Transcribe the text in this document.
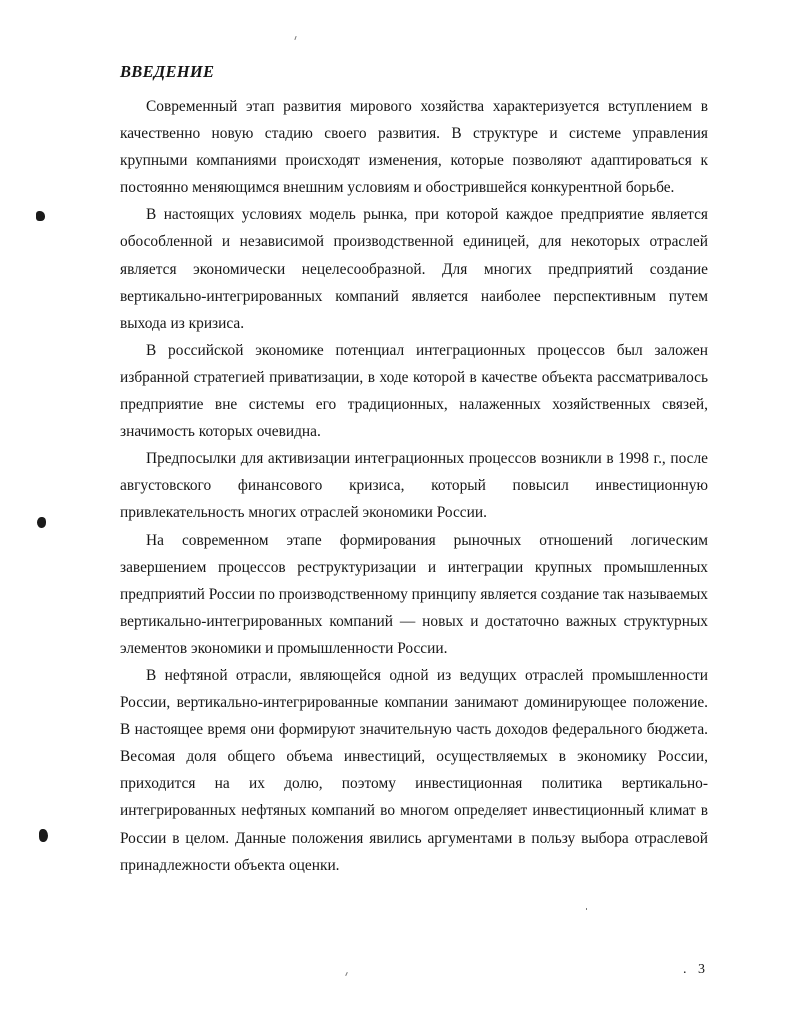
ВВЕДЕНИЕ

Современный этап развития мирового хозяйства характеризуется вступлением в качественно новую стадию своего развития. В структуре и системе управления крупными компаниями происходят изменения, которые позволяют адаптироваться к постоянно меняющимся внешним условиям и обострившейся конкурентной борьбе.

В настоящих условиях модель рынка, при которой каждое предприятие является обособленной и независимой производственной единицей, для некоторых отраслей является экономически нецелесообразной. Для многих предприятий создание вертикально-интегрированных компаний является наиболее перспективным путем выхода из кризиса.

В российской экономике потенциал интеграционных процессов был заложен избранной стратегией приватизации, в ходе которой в качестве объекта рассматривалось предприятие вне системы его традиционных, налаженных хозяйственных связей, значимость которых очевидна.

Предпосылки для активизации интеграционных процессов возникли в 1998 г., после августовского финансового кризиса, который повысил инвестиционную привлекательность многих отраслей экономики России.

На современном этапе формирования рыночных отношений логическим завершением процессов реструктуризации и интеграции крупных промышленных предприятий России по производственному принципу является создание так называемых вертикально-интегрированных компаний — новых и достаточно важных структурных элементов экономики и промышленности России.

В нефтяной отрасли, являющейся одной из ведущих отраслей промышленности России, вертикально-интегрированные компании занимают доминирующее положение. В настоящее время они формируют значительную часть доходов федерального бюджета. Весомая доля общего объема инвестиций, осуществляемых в экономику России, приходится на их долю, поэтому инвестиционная политика вертикально-интегрированных нефтяных компаний во многом определяет инвестиционный климат в России в целом. Данные положения явились аргументами в пользу выбора отраслевой принадлежности объекта оценки.

. 3
